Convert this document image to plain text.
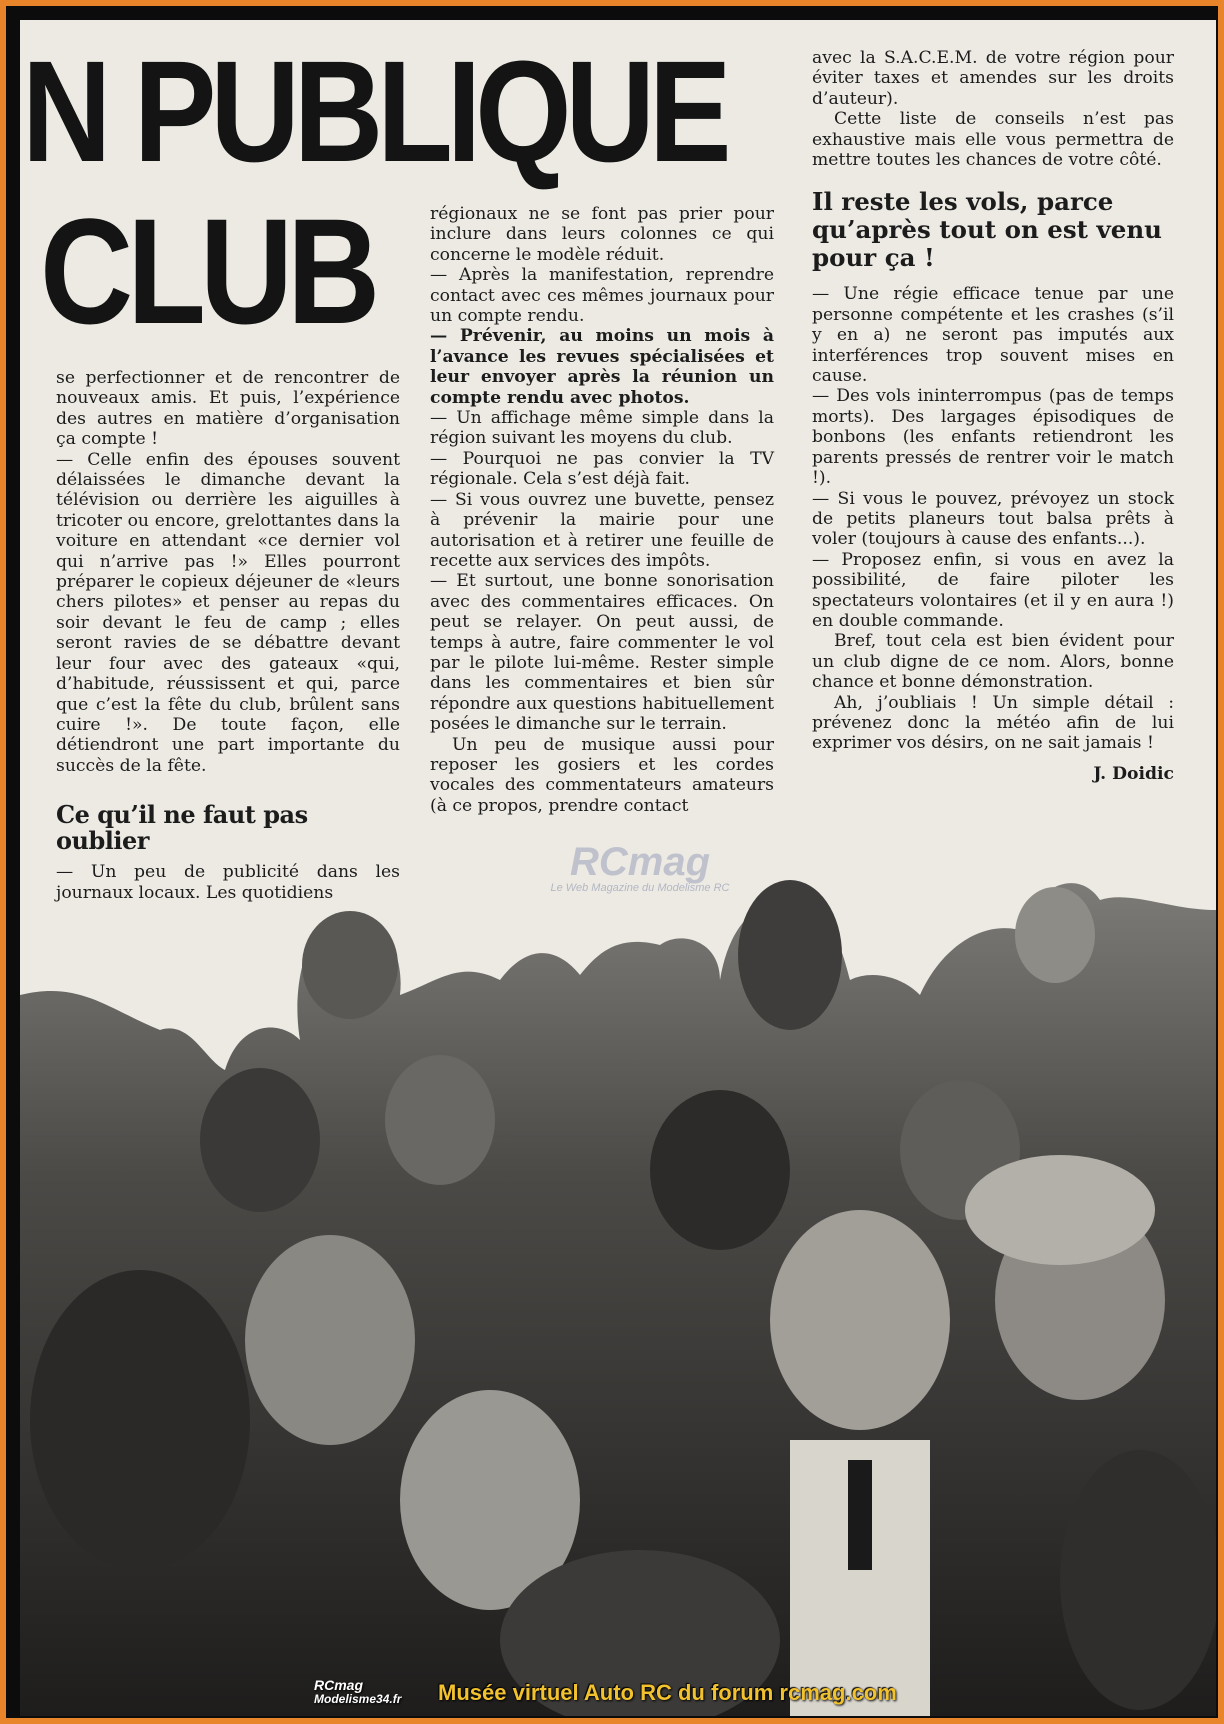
N PUBLIQUE
CLUB

se perfectionner et de rencontrer de nouveaux amis. Et puis, l’expérience des autres en matière d’organisation ça compte !

— Celle enfin des épouses souvent délaissées le dimanche devant la télévision ou derrière les aiguilles à tricoter ou encore, grelottantes dans la voiture en attendant «ce dernier vol qui n’arrive pas !» Elles pourront préparer le copieux déjeuner de «leurs chers pilotes» et penser au repas du soir devant le feu de camp ; elles seront ravies de se débattre devant leur four avec des gateaux «qui, d’habitude, réussissent et qui, parce que c’est la fête du club, brûlent sans cuire !». De toute façon, elle détiendront une part importante du succès de la fête.

Ce qu’il ne faut pas oublier

— Un peu de publicité dans les journaux locaux. Les quotidiens

régionaux ne se font pas prier pour inclure dans leurs colonnes ce qui concerne le modèle réduit.

— Après la manifestation, reprendre contact avec ces mêmes journaux pour un compte rendu.

— Prévenir, au moins un mois à l’avance les revues spécialisées et leur envoyer après la réunion un compte rendu avec photos.

— Un affichage même simple dans la région suivant les moyens du club.

— Pourquoi ne pas convier la TV régionale. Cela s’est déjà fait.

— Si vous ouvrez une buvette, pensez à prévenir la mairie pour une autorisation et à retirer une feuille de recette aux services des impôts.

— Et surtout, une bonne sonorisation avec des commentaires efficaces. On peut se relayer. On peut aussi, de temps à autre, faire commenter le vol par le pilote lui-même. Rester simple dans les commentaires et bien sûr répondre aux questions habituellement posées le dimanche sur le terrain.

Un peu de musique aussi pour reposer les gosiers et les cordes vocales des commentateurs amateurs (à ce propos, prendre contact

avec la S.A.C.E.M. de votre région pour éviter taxes et amendes sur les droits d’auteur).

Cette liste de conseils n’est pas exhaustive mais elle vous permettra de mettre toutes les chances de votre côté.

Il reste les vols, parce qu’après tout on est venu pour ça !

— Une régie efficace tenue par une personne compétente et les crashes (s’il y en a) ne seront pas imputés aux interférences trop souvent mises en cause.

— Des vols ininterrompus (pas de temps morts). Des largages épisodiques de bonbons (les enfants retiendront les parents pressés de rentrer voir le match !).

— Si vous le pouvez, prévoyez un stock de petits planeurs tout balsa prêts à voler (toujours à cause des enfants...).

— Proposez enfin, si vous en avez la possibilité, de faire piloter les spectateurs volontaires (et il y en aura !) en double commande.

Bref, tout cela est bien évident pour un club digne de ce nom. Alors, bonne chance et bonne démonstration.

Ah, j’oubliais ! Un simple détail : prévenez donc la météo afin de lui exprimer vos désirs, on ne sait jamais !

J. Doidic
RCmag
Le Web Magazine du Modelisme RC
RCmag
Modelisme34.fr Musée virtuel Auto RC du forum rcmag.com
